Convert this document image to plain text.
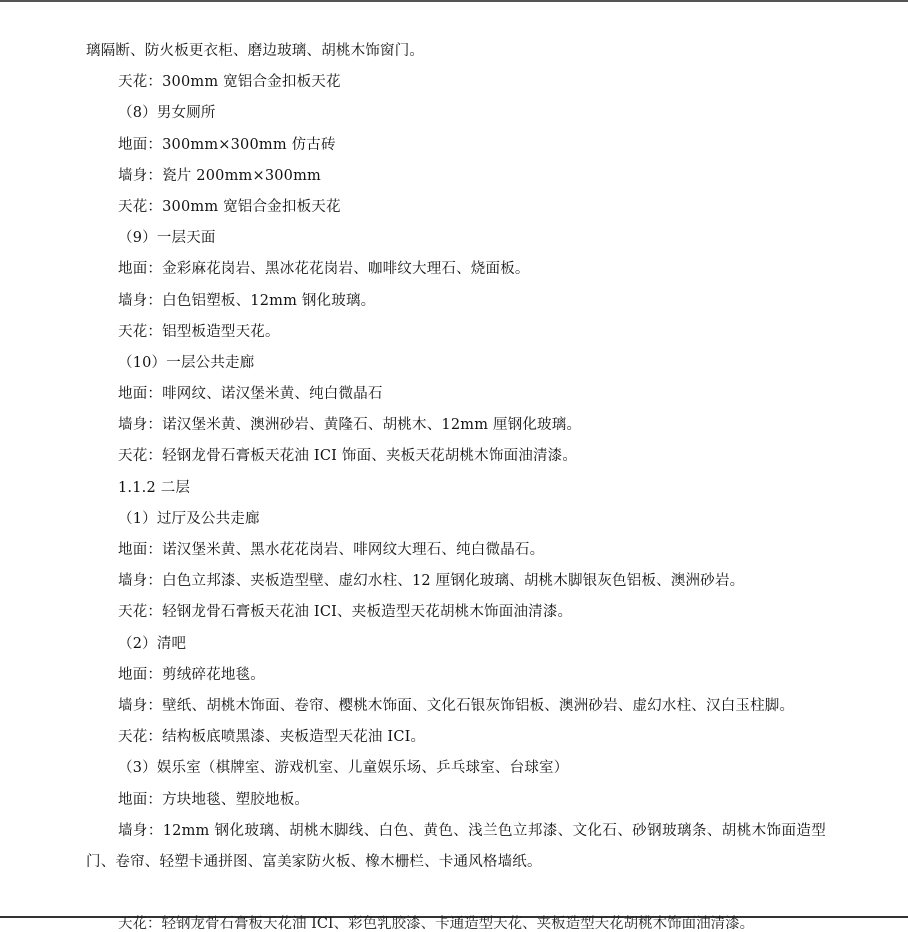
璃隔断、防火板更衣柜、磨边玻璃、胡桃木饰窗门。
天花：300mm 宽铝合金扣板天花
（8）男女厕所
地面：300mm×300mm 仿古砖
墙身：瓷片 200mm×300mm
天花：300mm 宽铝合金扣板天花
（9）一层天面
地面：金彩麻花岗岩、黑冰花花岗岩、咖啡纹大理石、烧面板。
墙身：白色铝塑板、12mm 钢化玻璃。
天花：铝型板造型天花。
（10）一层公共走廊
地面：啡网纹、诺汉堡米黄、纯白微晶石
墙身：诺汉堡米黄、澳洲砂岩、黄隆石、胡桃木、12mm 厘钢化玻璃。
天花：轻钢龙骨石膏板天花油 ICI 饰面、夹板天花胡桃木饰面油清漆。
1.1.2 二层
（1）过厅及公共走廊
地面：诺汉堡米黄、黑水花花岗岩、啡网纹大理石、纯白微晶石。
墙身：白色立邦漆、夹板造型壁、虚幻水柱、12 厘钢化玻璃、胡桃木脚银灰色铝板、澳洲砂岩。
天花：轻钢龙骨石膏板天花油 ICI、夹板造型天花胡桃木饰面油清漆。
（2）清吧
地面：剪绒碎花地毯。
墙身：壁纸、胡桃木饰面、卷帘、樱桃木饰面、文化石银灰饰铝板、澳洲砂岩、虚幻水柱、汉白玉柱脚。
天花：结构板底喷黑漆、夹板造型天花油 ICI。
（3）娱乐室（棋牌室、游戏机室、儿童娱乐场、乒乓球室、台球室）
地面：方块地毯、塑胶地板。
墙身：12mm 钢化玻璃、胡桃木脚线、白色、黄色、浅兰色立邦漆、文化石、砂钢玻璃条、胡桃木饰面造型门、卷帘、轻塑卡通拼图、富美家防火板、橡木栅栏、卡通风格墙纸。
天花：轻钢龙骨石膏板天花油 ICI、彩色乳胶漆、卡通造型天花、夹板造型天花胡桃木饰面油清漆。
